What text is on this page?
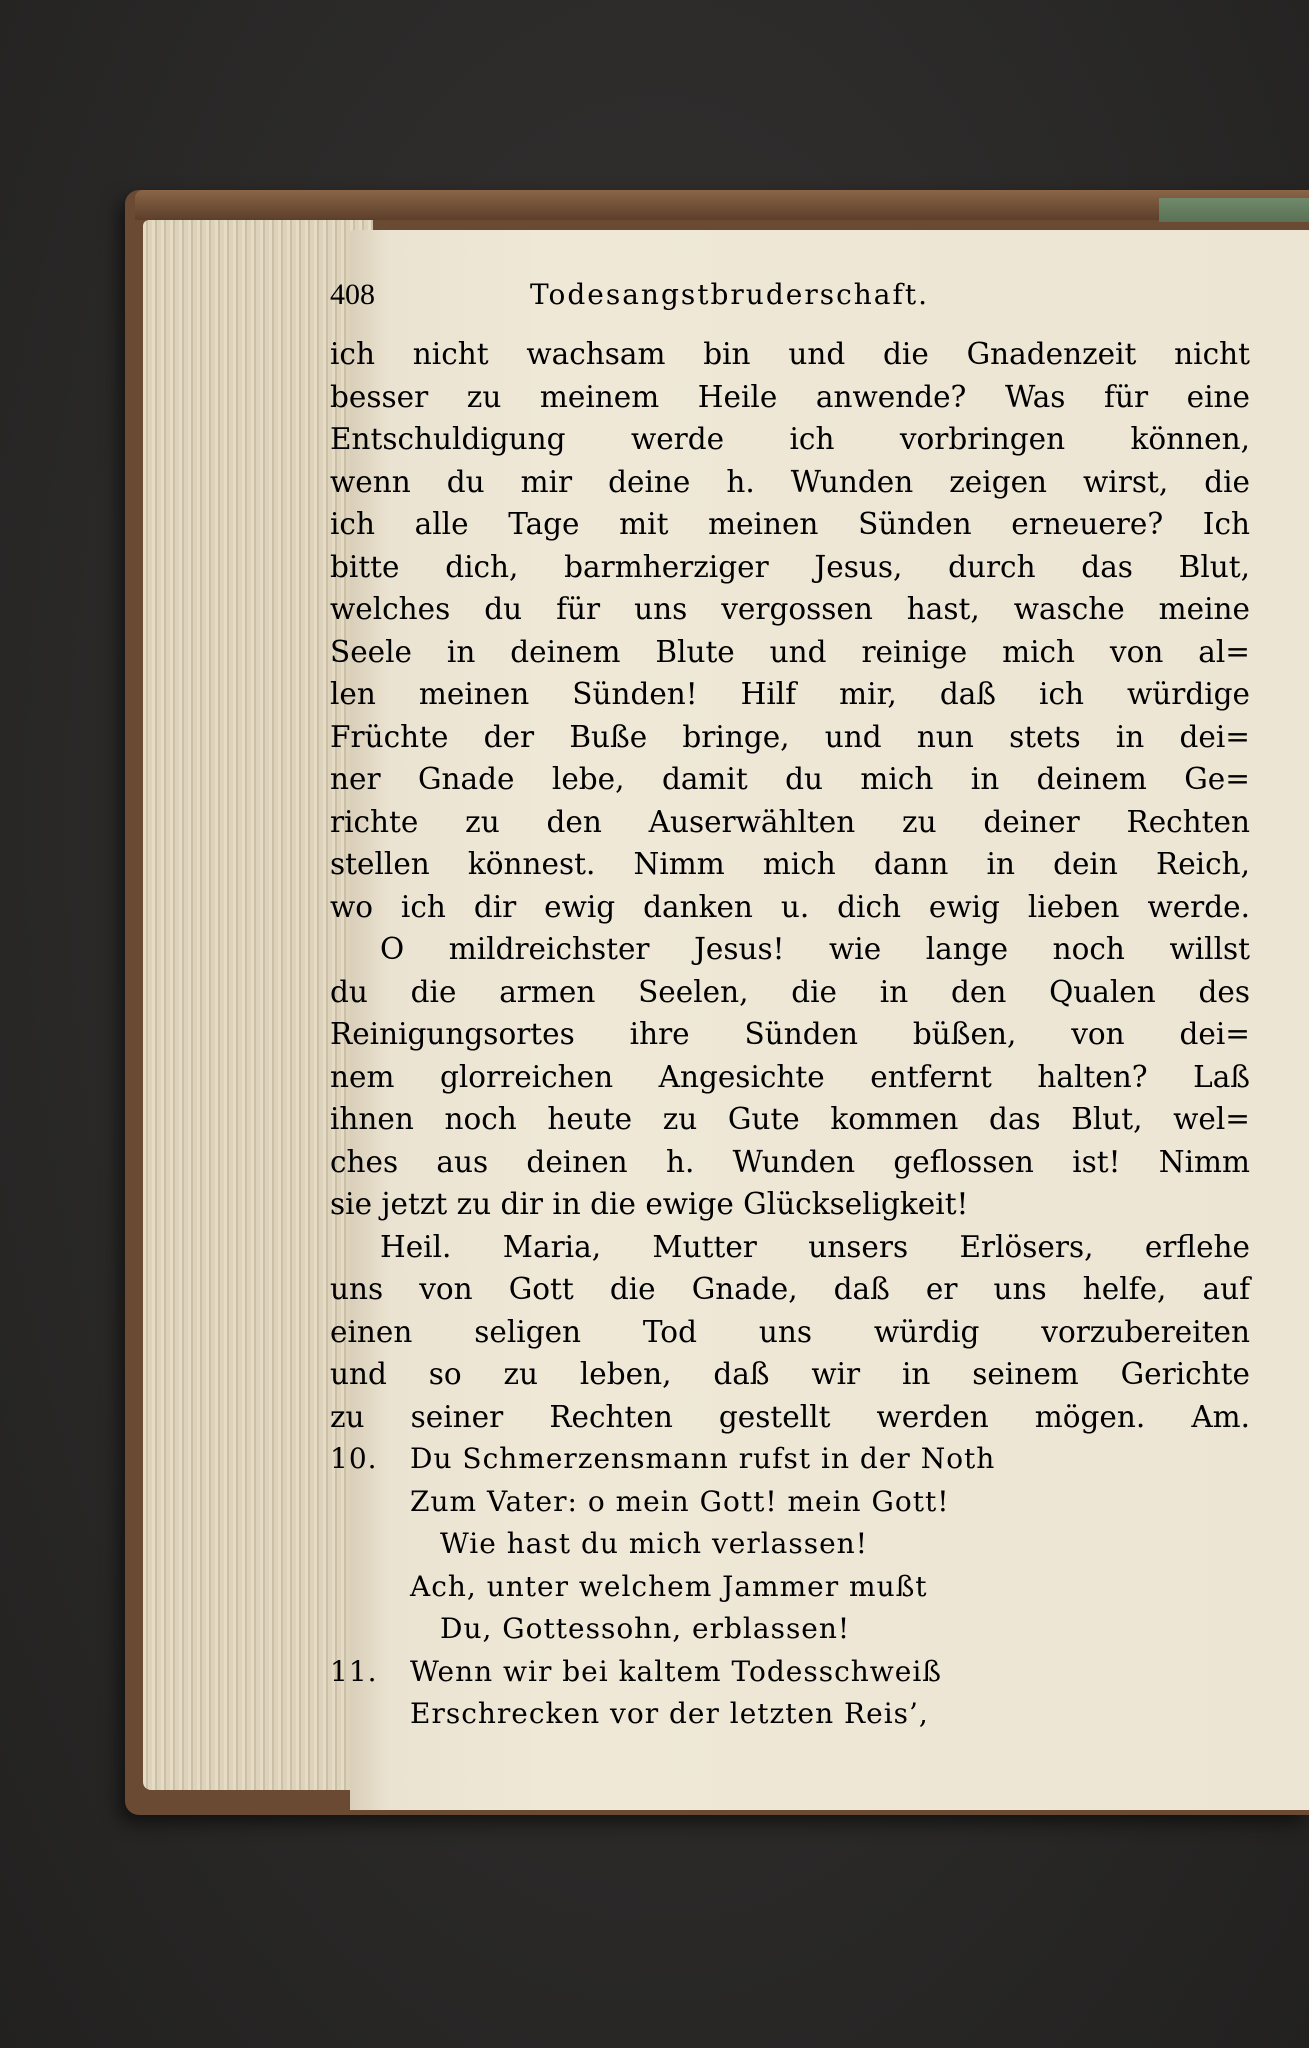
408	Todesangstbruderschaft.
ich nicht wachsam bin und die Gnadenzeit nicht
besser zu meinem Heile anwende? Was für eine
Entschuldigung werde ich vorbringen können,
wenn du mir deine h. Wunden zeigen wirst, die
ich alle Tage mit meinen Sünden erneuere? Ich
bitte dich, barmherziger Jesus, durch das Blut,
welches du für uns vergossen hast, wasche meine
Seele in deinem Blute und reinige mich von al=
len meinen Sünden! Hilf mir, daß ich würdige
Früchte der Buße bringe, und nun stets in dei=
ner Gnade lebe, damit du mich in deinem Ge=
richte zu den Auserwählten zu deiner Rechten
stellen könnest. Nimm mich dann in dein Reich,
wo ich dir ewig danken u. dich ewig lieben werde.
O mildreichster Jesus! wie lange noch willst
du die armen Seelen, die in den Qualen des
Reinigungsortes ihre Sünden büßen, von dei=
nem glorreichen Angesichte entfernt halten? Laß
ihnen noch heute zu Gute kommen das Blut, wel=
ches aus deinen h. Wunden geflossen ist! Nimm
sie jetzt zu dir in die ewige Glückseligkeit!
Heil. Maria, Mutter unsers Erlösers, erflehe
uns von Gott die Gnade, daß er uns helfe, auf
einen seligen Tod uns würdig vorzubereiten
und so zu leben, daß wir in seinem Gerichte
zu seiner Rechten gestellt werden mögen. Am.
10. Du Schmerzensmann rufst in der Noth
Zum Vater: o mein Gott! mein Gott!
Wie hast du mich verlassen!
Ach, unter welchem Jammer mußt
Du, Gottessohn, erblassen!
11. Wenn wir bei kaltem Todesschweiß
Erschrecken vor der letzten Reis’,
